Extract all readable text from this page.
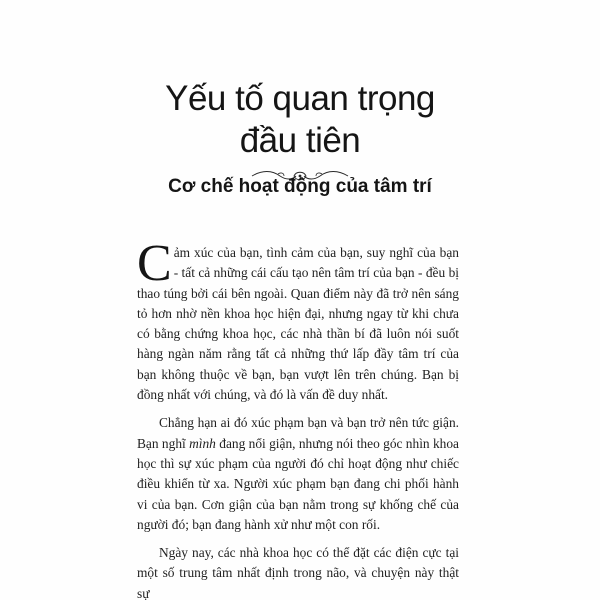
Yếu tố quan trọng
đầu tiên
Cơ chế hoạt động của tâm trí

Cảm xúc của bạn, tình cảm của bạn, suy nghĩ của bạn - tất cả những cái cấu tạo nên tâm trí của bạn - đều bị thao túng bởi cái bên ngoài. Quan điểm này đã trở nên sáng tỏ hơn nhờ nền khoa học hiện đại, nhưng ngay từ khi chưa có bằng chứng khoa học, các nhà thần bí đã luôn nói suốt hàng ngàn năm rằng tất cả những thứ lấp đầy tâm trí của bạn không thuộc về bạn, bạn vượt lên trên chúng. Bạn bị đồng nhất với chúng, và đó là vấn đề duy nhất.

Chẳng hạn ai đó xúc phạm bạn và bạn trở nên tức giận. Bạn nghĩ mình đang nổi giận, nhưng nói theo góc nhìn khoa học thì sự xúc phạm của người đó chỉ hoạt động như chiếc điều khiển từ xa. Người xúc phạm bạn đang chi phối hành vi của bạn. Cơn giận của bạn nằm trong sự khống chế của người đó; bạn đang hành xử như một con rối.

Ngày nay, các nhà khoa học có thể đặt các điện cực tại một số trung tâm nhất định trong não, và chuyện này thật sự
